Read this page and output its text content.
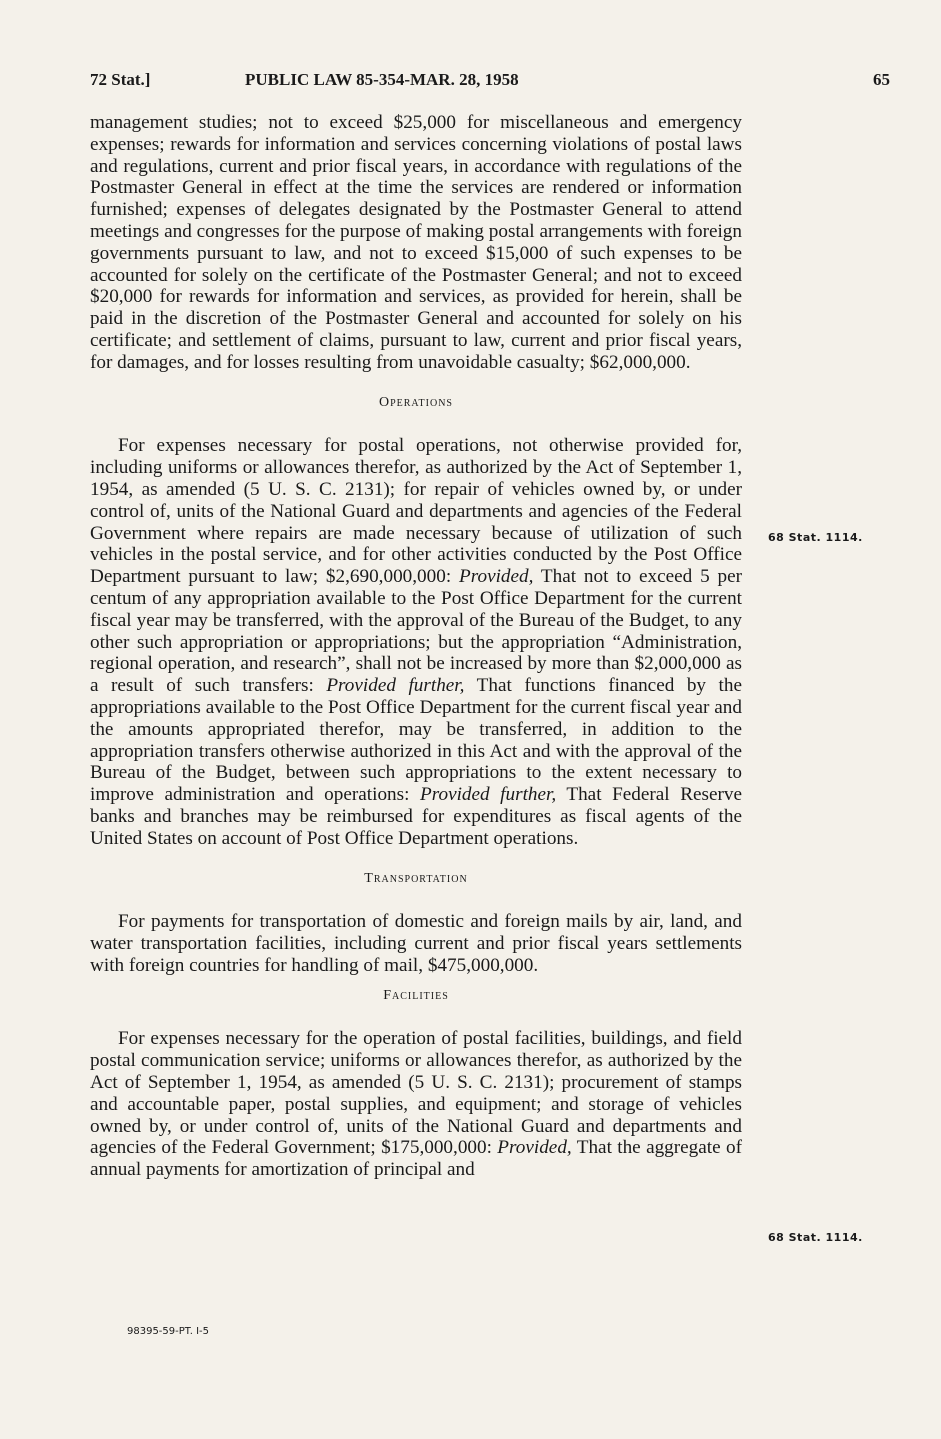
72 Stat.]	PUBLIC LAW 85-354-MAR. 28, 1958	65

management studies; not to exceed $25,000 for miscellaneous and emergency expenses; rewards for information and services concerning violations of postal laws and regulations, current and prior fiscal years, in accordance with regulations of the Postmaster General in effect at the time the services are rendered or information furnished; expenses of delegates designated by the Postmaster General to attend meetings and congresses for the purpose of making postal arrangements with foreign governments pursuant to law, and not to exceed $15,000 of such expenses to be accounted for solely on the certificate of the Postmaster General; and not to exceed $20,000 for rewards for information and services, as provided for herein, shall be paid in the discretion of the Postmaster General and accounted for solely on his certificate; and settlement of claims, pursuant to law, current and prior fiscal years, for damages, and for losses resulting from unavoidable casualty; $62,000,000.

Operations

For expenses necessary for postal operations, not otherwise provided for, including uniforms or allowances therefor, as authorized by the Act of September 1, 1954, as amended (5 U. S. C. 2131); for repair of vehicles owned by, or under control of, units of the National Guard and departments and agencies of the Federal Government where repairs are made necessary because of utilization of such vehicles in the postal service, and for other activities conducted by the Post Office Department pursuant to law; $2,690,000,000: Provided, That not to exceed 5 per centum of any appropriation available to the Post Office Department for the current fiscal year may be transferred, with the approval of the Bureau of the Budget, to any other such appropriation or appropriations; but the appropriation “Administration, regional operation, and research”, shall not be increased by more than $2,000,000 as a result of such transfers: Provided further, That functions financed by the appropriations available to the Post Office Department for the current fiscal year and the amounts appropriated therefor, may be transferred, in addition to the appropriation transfers otherwise authorized in this Act and with the approval of the Bureau of the Budget, between such appropriations to the extent necessary to improve administration and operations: Provided further, That Federal Reserve banks and branches may be reimbursed for expenditures as fiscal agents of the United States on account of Post Office Department operations.

Transportation

For payments for transportation of domestic and foreign mails by air, land, and water transportation facilities, including current and prior fiscal years settlements with foreign countries for handling of mail, $475,000,000.

Facilities

For expenses necessary for the operation of postal facilities, buildings, and field postal communication service; uniforms or allowances therefor, as authorized by the Act of September 1, 1954, as amended (5 U. S. C. 2131); procurement of stamps and accountable paper, postal supplies, and equipment; and storage of vehicles owned by, or under control of, units of the National Guard and departments and agencies of the Federal Government; $175,000,000: Provided, That the aggregate of annual payments for amortization of principal and

68 Stat. 1114.
68 Stat. 1114.
98395-59-PT. I-5
